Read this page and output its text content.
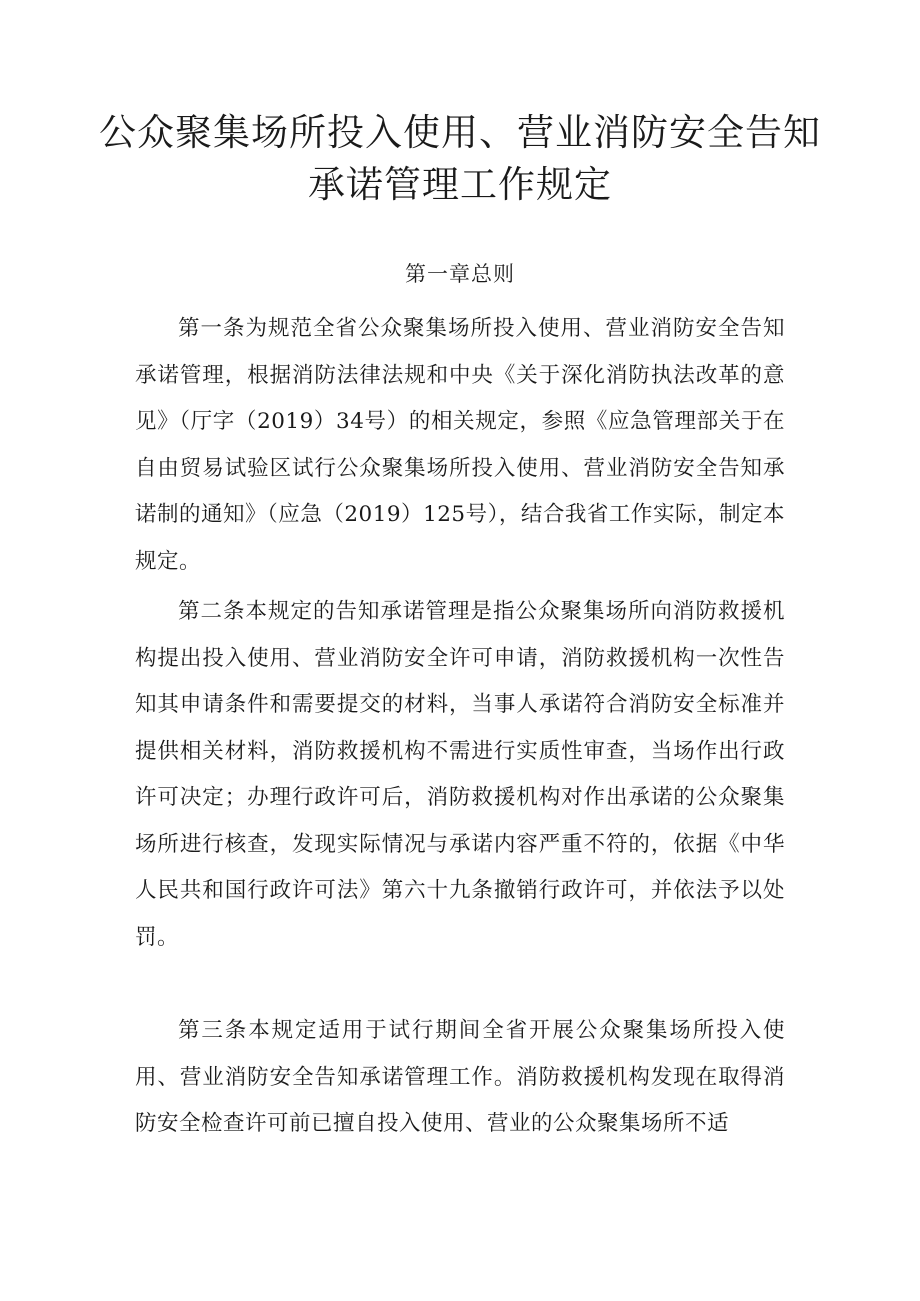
公众聚集场所投入使用、营业消防安全告知
承诺管理工作规定
第一章总则

第一条为规范全省公众聚集场所投入使用、营业消防安全告知承诺管理，根据消防法律法规和中央《关于深化消防执法改革的意见》（厅字（2019）34号）的相关规定，参照《应急管理部关于在自由贸易试验区试行公众聚集场所投入使用、营业消防安全告知承诺制的通知》（应急（2019）125号），结合我省工作实际，制定本规定。

第二条本规定的告知承诺管理是指公众聚集场所向消防救援机构提出投入使用、营业消防安全许可申请，消防救援机构一次性告知其申请条件和需要提交的材料，当事人承诺符合消防安全标准并提供相关材料，消防救援机构不需进行实质性审查，当场作出行政许可决定；办理行政许可后，消防救援机构对作出承诺的公众聚集场所进行核查，发现实际情况与承诺内容严重不符的，依据《中华人民共和国行政许可法》第六十九条撤销行政许可，并依法予以处罚。

第三条本规定适用于试行期间全省开展公众聚集场所投入使用、营业消防安全告知承诺管理工作。消防救援机构发现在取得消防安全检查许可前已擅自投入使用、营业的公众聚集场所不适
